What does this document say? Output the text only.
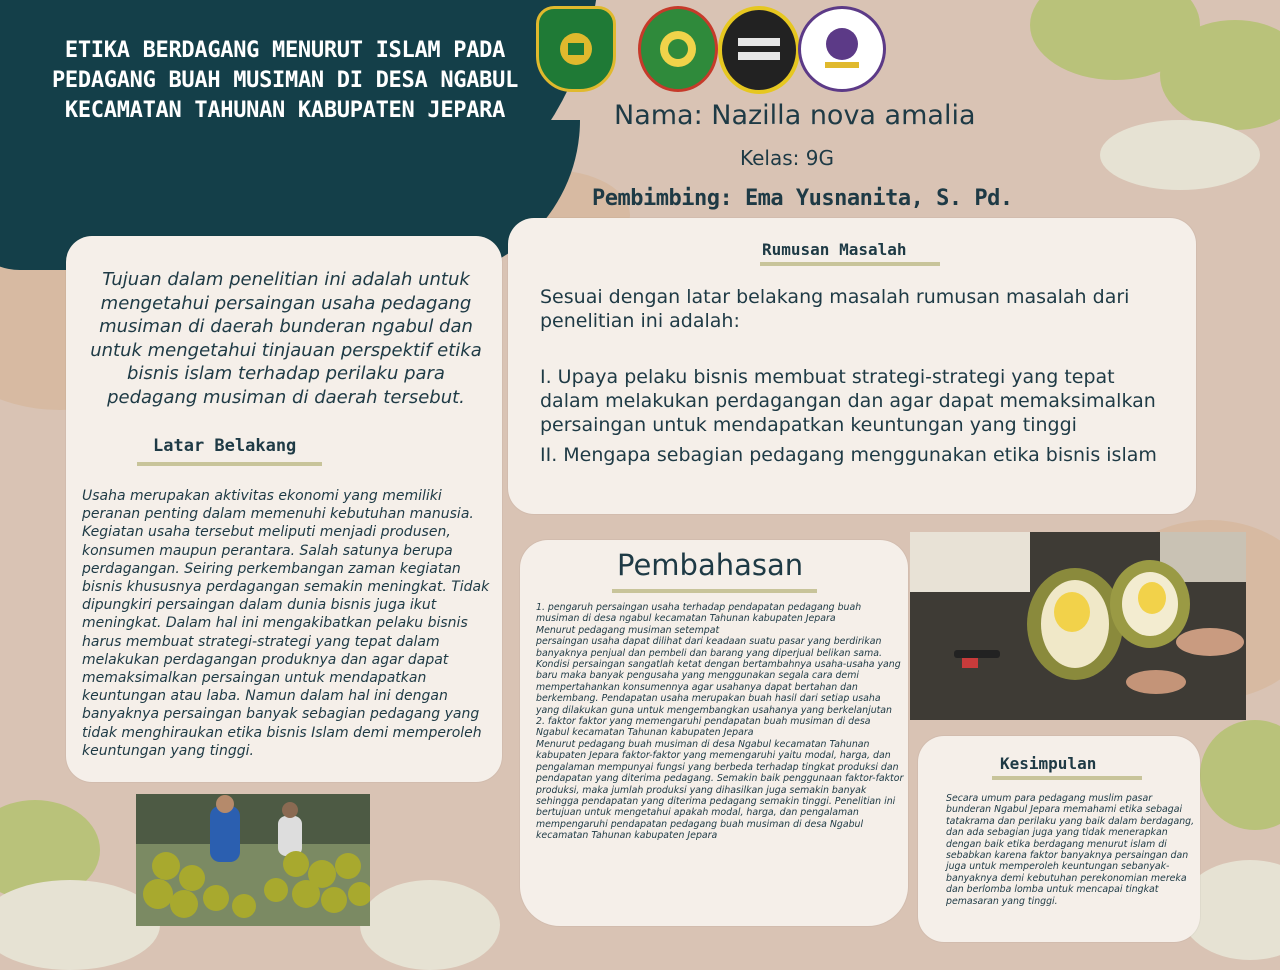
ETIKA BERDAGANG MENURUT ISLAM PADA PEDAGANG BUAH MUSIMAN DI DESA NGABUL KECAMATAN TAHUNAN KABUPATEN JEPARA	Nama: Nazilla nova amalia
Kelas: 9G
Pembimbing: Ema Yusnanita, S. Pd.
Tujuan dalam penelitian ini adalah untuk mengetahui persaingan usaha pedagang musiman di daerah bunderan ngabul dan untuk mengetahui tinjauan perspektif etika bisnis islam terhadap perilaku para pedagang musiman di daerah tersebut.
Latar Belakang
Usaha merupakan aktivitas ekonomi yang memiliki peranan penting dalam memenuhi kebutuhan manusia. Kegiatan usaha tersebut meliputi menjadi produsen, konsumen maupun perantara. Salah satunya berupa perdagangan. Seiring perkembangan zaman kegiatan bisnis khususnya perdagangan semakin meningkat. Tidak dipungkiri persaingan dalam dunia bisnis juga ikut meningkat. Dalam hal ini mengakibatkan pelaku bisnis harus membuat strategi-strategi yang tepat dalam melakukan perdagangan produknya dan agar dapat memaksimalkan persaingan untuk mendapatkan keuntungan atau laba. Namun dalam hal ini dengan banyaknya persaingan banyak sebagian pedagang yang tidak menghiraukan etika bisnis Islam demi memperoleh keuntungan yang tinggi.
Rumusan Masalah
Sesuai dengan latar belakang masalah rumusan masalah dari penelitian ini adalah:
I. Upaya pelaku bisnis membuat strategi-strategi yang tepat dalam melakukan perdagangan dan agar dapat memaksimalkan persaingan untuk mendapatkan keuntungan yang tinggi
II. Mengapa sebagian pedagang menggunakan etika bisnis islam
Pembahasan
1. pengaruh persaingan usaha terhadap pendapatan pedagang buah musiman di desa ngabul kecamatan Tahunan kabupaten Jepara
Menurut pedagang musiman setempat
persaingan usaha dapat dilihat dari keadaan suatu pasar yang berdirikan banyaknya penjual dan pembeli dan barang yang diperjual belikan sama. Kondisi persaingan sangatlah ketat dengan bertambahnya usaha-usaha yang baru maka banyak pengusaha yang menggunakan segala cara demi mempertahankan konsumennya agar usahanya dapat bertahan dan berkembang. Pendapatan usaha merupakan buah hasil dari setiap usaha yang dilakukan guna untuk mengembangkan usahanya yang berkelanjutan
2. faktor faktor yang memengaruhi pendapatan buah musiman di desa Ngabul kecamatan Tahunan kabupaten Jepara
Menurut pedagang buah musiman di desa Ngabul kecamatan Tahunan kabupaten Jepara faktor-faktor yang memengaruhi yaitu modal, harga, dan pengalaman mempunyai fungsi yang berbeda terhadap tingkat produksi dan pendapatan yang diterima pedagang. Semakin baik penggunaan faktor-faktor produksi, maka jumlah produksi yang dihasilkan juga semakin banyak sehingga pendapatan yang diterima pedagang semakin tinggi. Penelitian ini bertujuan untuk mengetahui apakah modal, harga, dan pengalaman mempengaruhi pendapatan pedagang buah musiman di desa Ngabul kecamatan Tahunan kabupaten Jepara
Kesimpulan
Secara umum para pedagang muslim pasar bunderan Ngabul Jepara memahami etika sebagai tatakrama dan perilaku yang baik dalam berdagang, dan ada sebagian juga yang tidak menerapkan dengan baik etika berdagang menurut islam di sebabkan karena faktor banyaknya persaingan dan juga untuk memperoleh keuntungan sebanyak-banyaknya demi kebutuhan perekonomian mereka dan berlomba lomba untuk mencapai tingkat pemasaran yang tinggi.
